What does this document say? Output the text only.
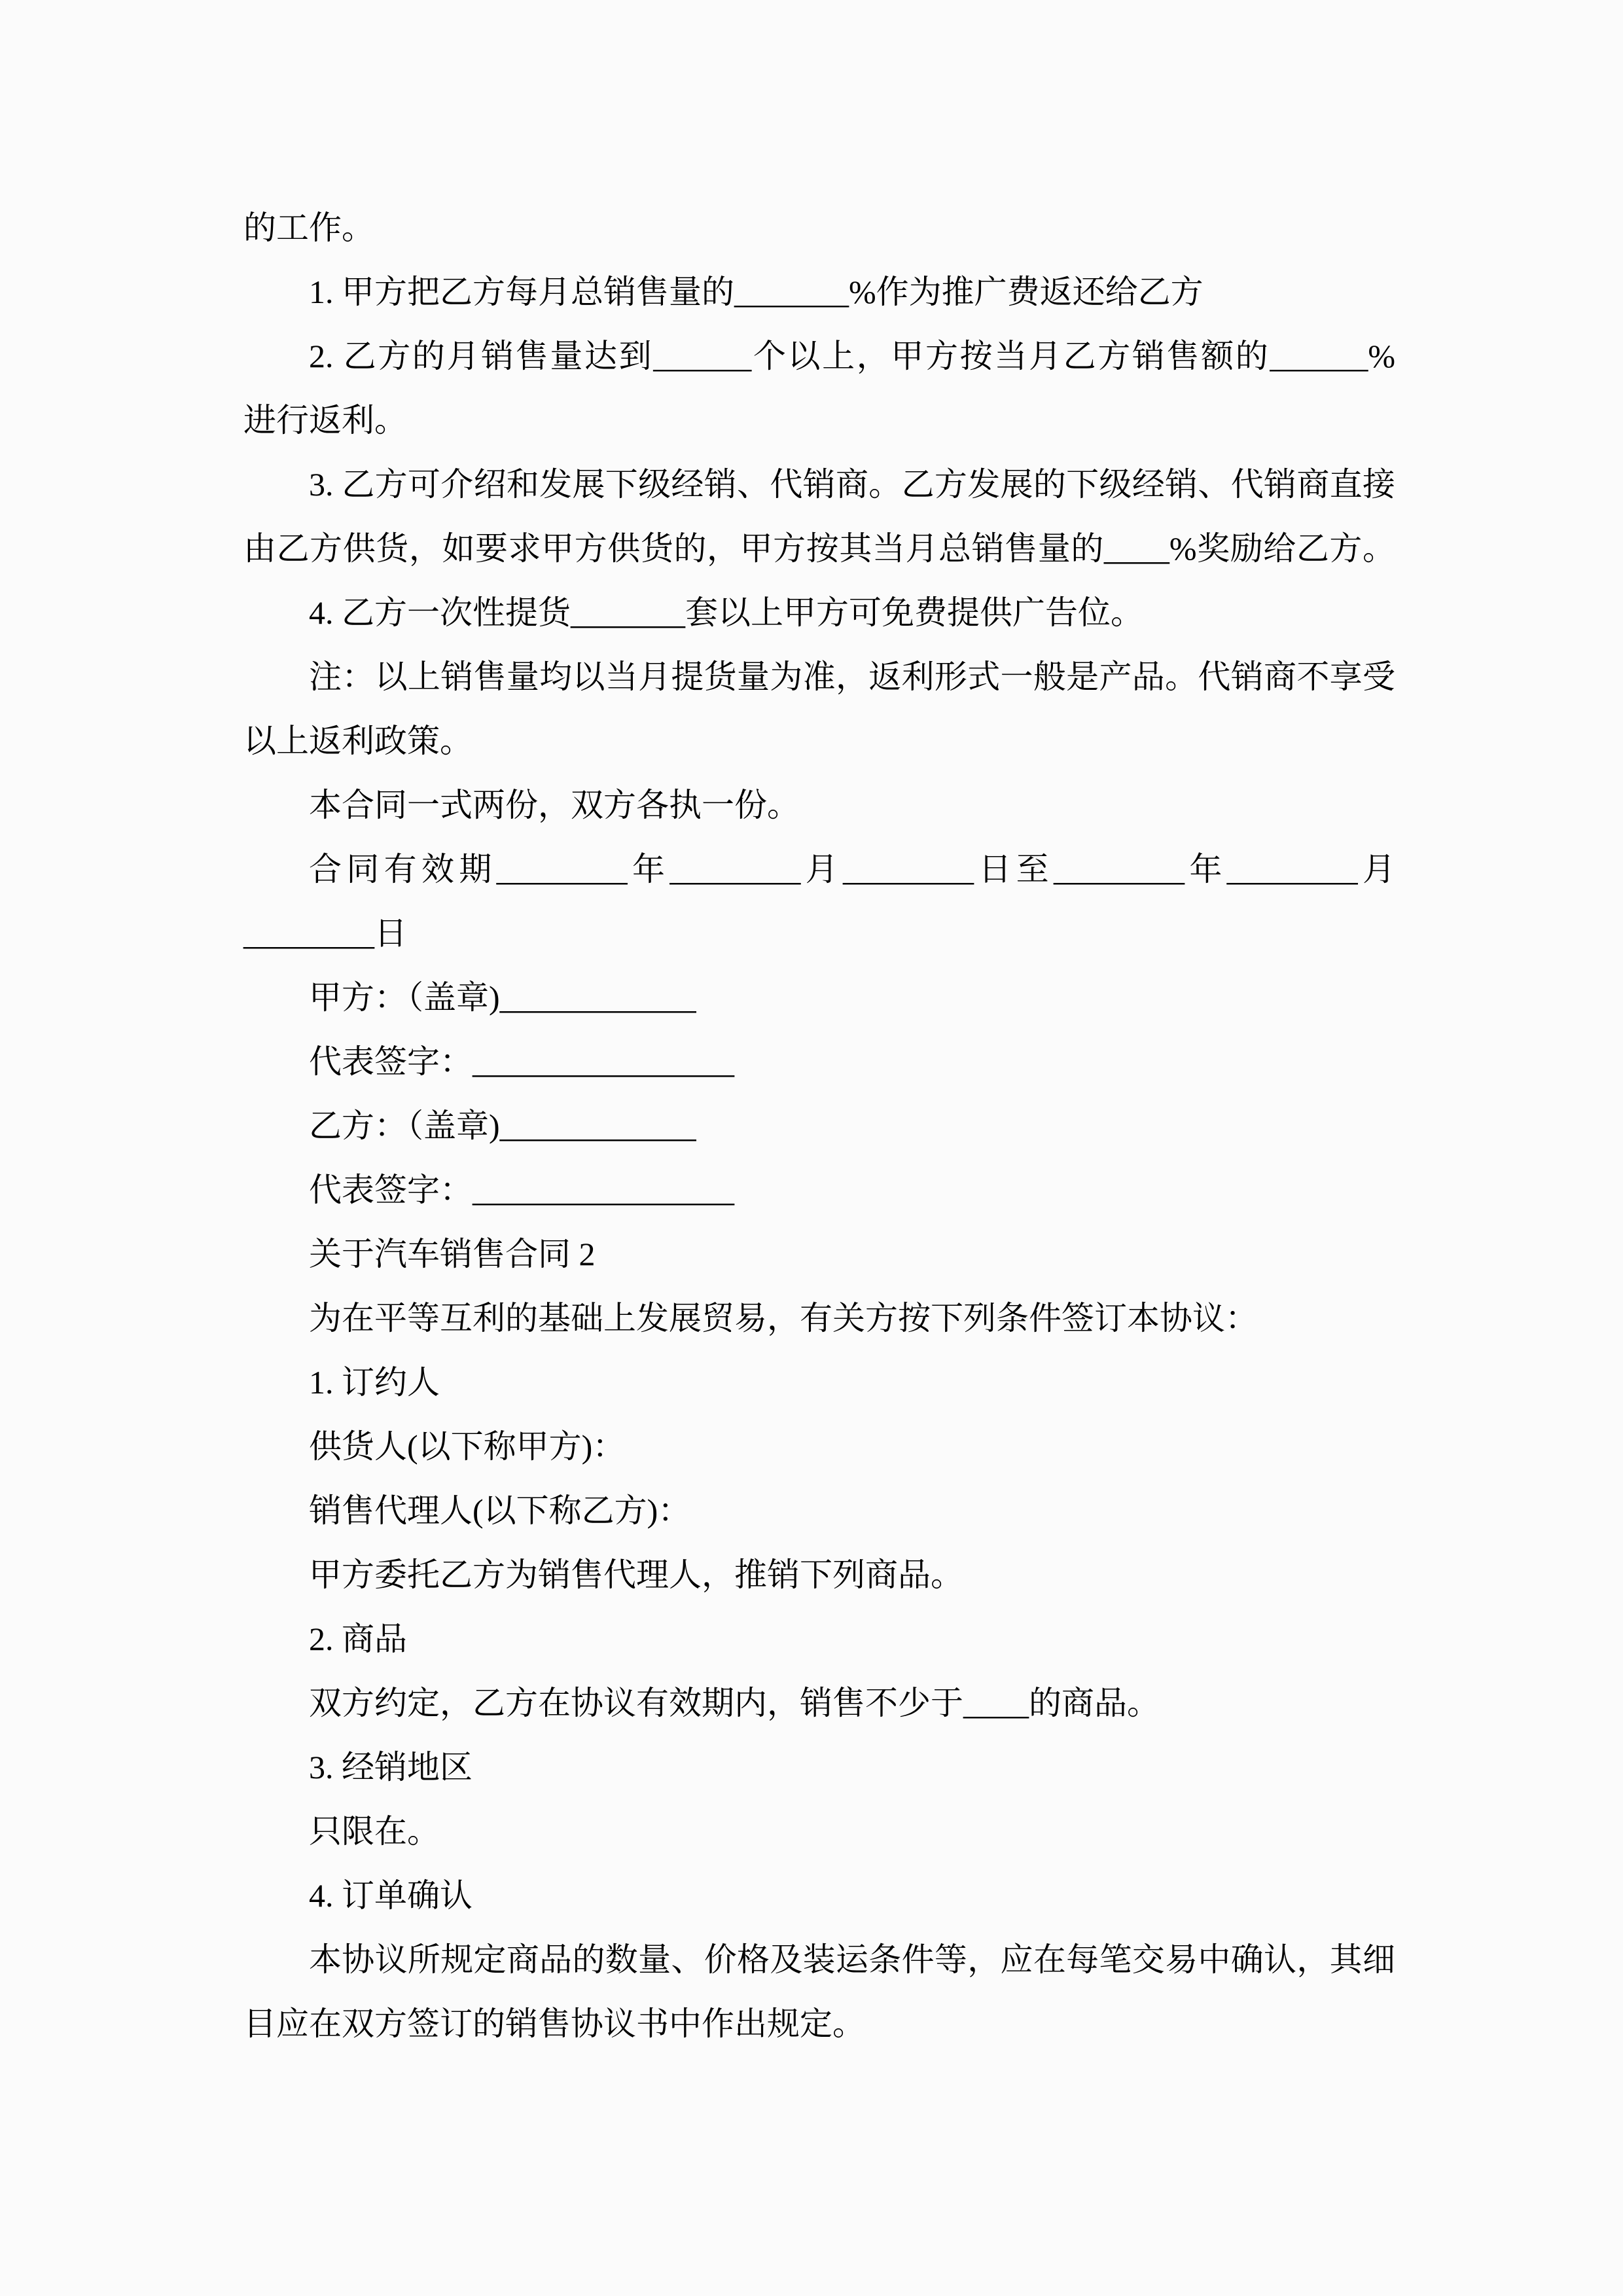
的工作。
1. 甲方把乙方每月总销售量的_______%作为推广费返还给乙方
2. 乙方的月销售量达到______个以上，甲方按当月乙方销售额的______%
进行返利。
3. 乙方可介绍和发展下级经销、代销商。乙方发展的下级经销、代销商直接
由乙方供货，如要求甲方供货的，甲方按其当月总销售量的____%奖励给乙方。
4. 乙方一次性提货_______套以上甲方可免费提供广告位。
注：以上销售量均以当月提货量为准，返利形式一般是产品。代销商不享受
以上返利政策。
本合同一式两份，双方各执一份。
合同有效期________年________月________日至________年________月
________日
甲方：（盖章)____________
代表签字：________________
乙方：（盖章)____________
代表签字：________________
关于汽车销售合同 2
为在平等互利的基础上发展贸易，有关方按下列条件签订本协议：
1. 订约人
供货人(以下称甲方)：
销售代理人(以下称乙方)：
甲方委托乙方为销售代理人，推销下列商品。
2. 商品
双方约定，乙方在协议有效期内，销售不少于____的商品。
3. 经销地区
只限在。
4. 订单确认
本协议所规定商品的数量、价格及装运条件等，应在每笔交易中确认，其细
目应在双方签订的销售协议书中作出规定。
